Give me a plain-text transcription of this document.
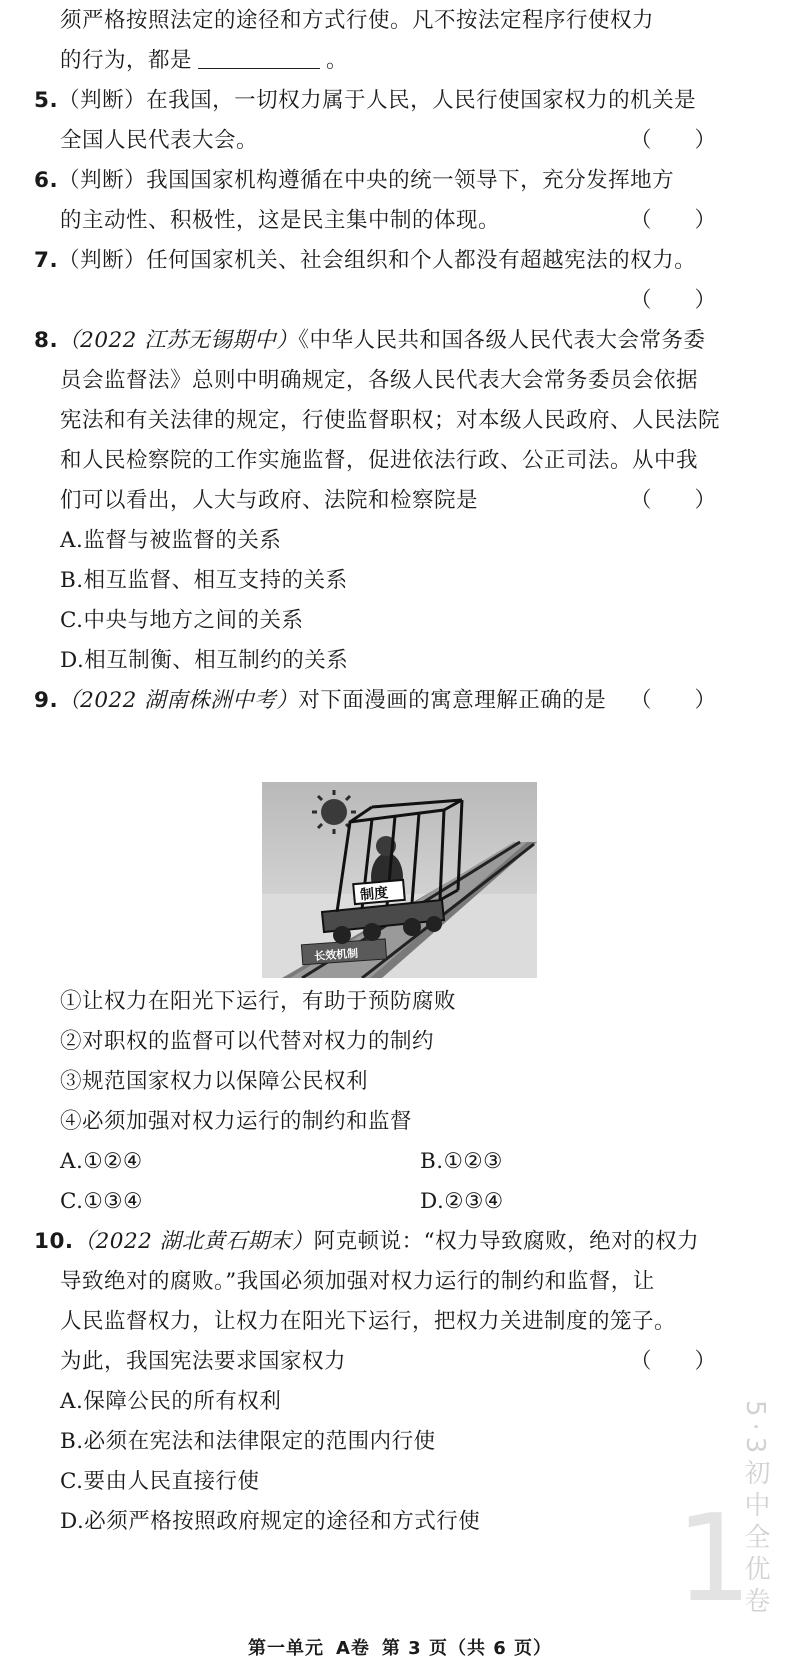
须严格按照法定的途径和方式行使。凡不按法定程序行使权力
的行为，都是	。
5.（判断）在我国，一切权力属于人民，人民行使国家权力的机关是
全国人民代表大会。	（　　）
6.（判断）我国国家机构遵循在中央的统一领导下，充分发挥地方
的主动性、积极性，这是民主集中制的体现。	（　　）
7.（判断）任何国家机关、社会组织和个人都没有超越宪法的权力。
（　　）
8.（2022 江苏无锡期中）《中华人民共和国各级人民代表大会常务委
员会监督法》总则中明确规定，各级人民代表大会常务委员会依据
宪法和有关法律的规定，行使监督职权；对本级人民政府、人民法院
和人民检察院的工作实施监督，促进依法行政、公正司法。从中我
们可以看出，人大与政府、法院和检察院是	（　　）
A.监督与被监督的关系
B.相互监督、相互支持的关系
C.中央与地方之间的关系
D.相互制衡、相互制约的关系
9.（2022 湖南株洲中考）对下面漫画的寓意理解正确的是 （　　）
长效机制
制度
①让权力在阳光下运行，有助于预防腐败
②对职权的监督可以代替对权力的制约
③规范国家权力以保障公民权利
④必须加强对权力运行的制约和监督
A.①②④	B.①②③
C.①③④	D.②③④
10.（2022 湖北黄石期末）阿克顿说：“权力导致腐败，绝对的权力
导致绝对的腐败。”我国必须加强对权力运行的制约和监督，让
人民监督权力，让权力在阳光下运行，把权力关进制度的笼子。
为此，我国宪法要求国家权力	（　　）
A.保障公民的所有权利
B.必须在宪法和法律限定的范围内行使
C.要由人民直接行使
D.必须严格按照政府规定的途径和方式行使	5·3初中全优卷
1
第一单元 A卷 第 3 页（共 6 页）
